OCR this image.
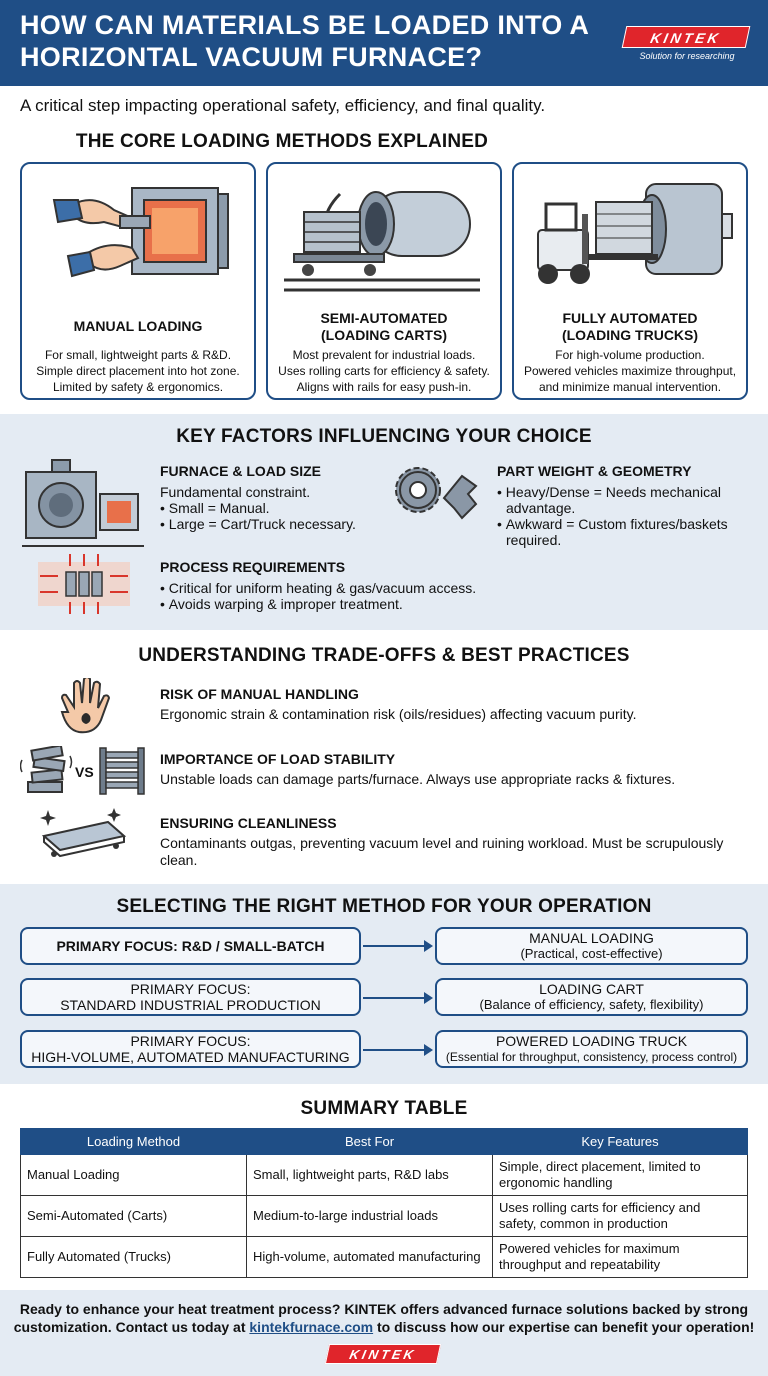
HOW CAN MATERIALS BE LOADED INTO A HORIZONTAL VACUUM FURNACE?
KINTEK
Solution for researching
A critical step impacting operational safety, efficiency, and final quality.
THE CORE LOADING METHODS EXPLAINED
MANUAL LOADING
For small, lightweight parts & R&D.
Simple direct placement into hot zone.
Limited by safety & ergonomics.
SEMI-AUTOMATED
(LOADING CARTS)
Most prevalent for industrial loads.
Uses rolling carts for efficiency & safety.
Aligns with rails for easy push-in.
FULLY AUTOMATED
(LOADING TRUCKS)
For high-volume production.
Powered vehicles maximize throughput,
and minimize manual intervention.
KEY FACTORS INFLUENCING YOUR CHOICE
FURNACE & LOAD SIZE
Fundamental constraint.
• Small = Manual.
• Large = Cart/Truck necessary.
PART WEIGHT & GEOMETRY
• Heavy/Dense = Needs mechanical
advantage.
• Awkward = Custom fixtures/baskets
required.
PROCESS REQUIREMENTS
• Critical for uniform heating & gas/vacuum access.
• Avoids warping & improper treatment.
UNDERSTANDING TRADE-OFFS & BEST PRACTICES
RISK OF MANUAL HANDLING
Ergonomic strain & contamination risk (oils/residues) affecting vacuum purity.
VS
IMPORTANCE OF LOAD STABILITY
Unstable loads can damage parts/furnace. Always use appropriate racks & fixtures.
ENSURING CLEANLINESS
Contaminants outgas, preventing vacuum level and ruining workload. Must be scrupulously clean.
SELECTING THE RIGHT METHOD FOR YOUR OPERATION
PRIMARY FOCUS: R&D / SMALL-BATCH	MANUAL LOADING
(Practical, cost-effective)
PRIMARY FOCUS:
STANDARD INDUSTRIAL PRODUCTION
LOADING CART
(Balance of efficiency, safety, flexibility)
PRIMARY FOCUS:
HIGH-VOLUME, AUTOMATED MANUFACTURING
POWERED LOADING TRUCK
(Essential for throughput, consistency, process control)
SUMMARY TABLE
Loading Method	Best For	Key Features
Manual Loading	Small, lightweight parts, R&D labs	Simple, direct placement, limited to ergonomic handling
Semi-Automated (Carts)	Medium-to-large industrial loads	Uses rolling carts for efficiency and safety, common in production
Fully Automated (Trucks)	High-volume, automated manufacturing	Powered vehicles for maximum throughput and repeatability
Ready to enhance your heat treatment process? KINTEK offers advanced furnace solutions backed by strong customization. Contact us today at kintekfurnace.com to discuss how our expertise can benefit your operation!
KINTEK
